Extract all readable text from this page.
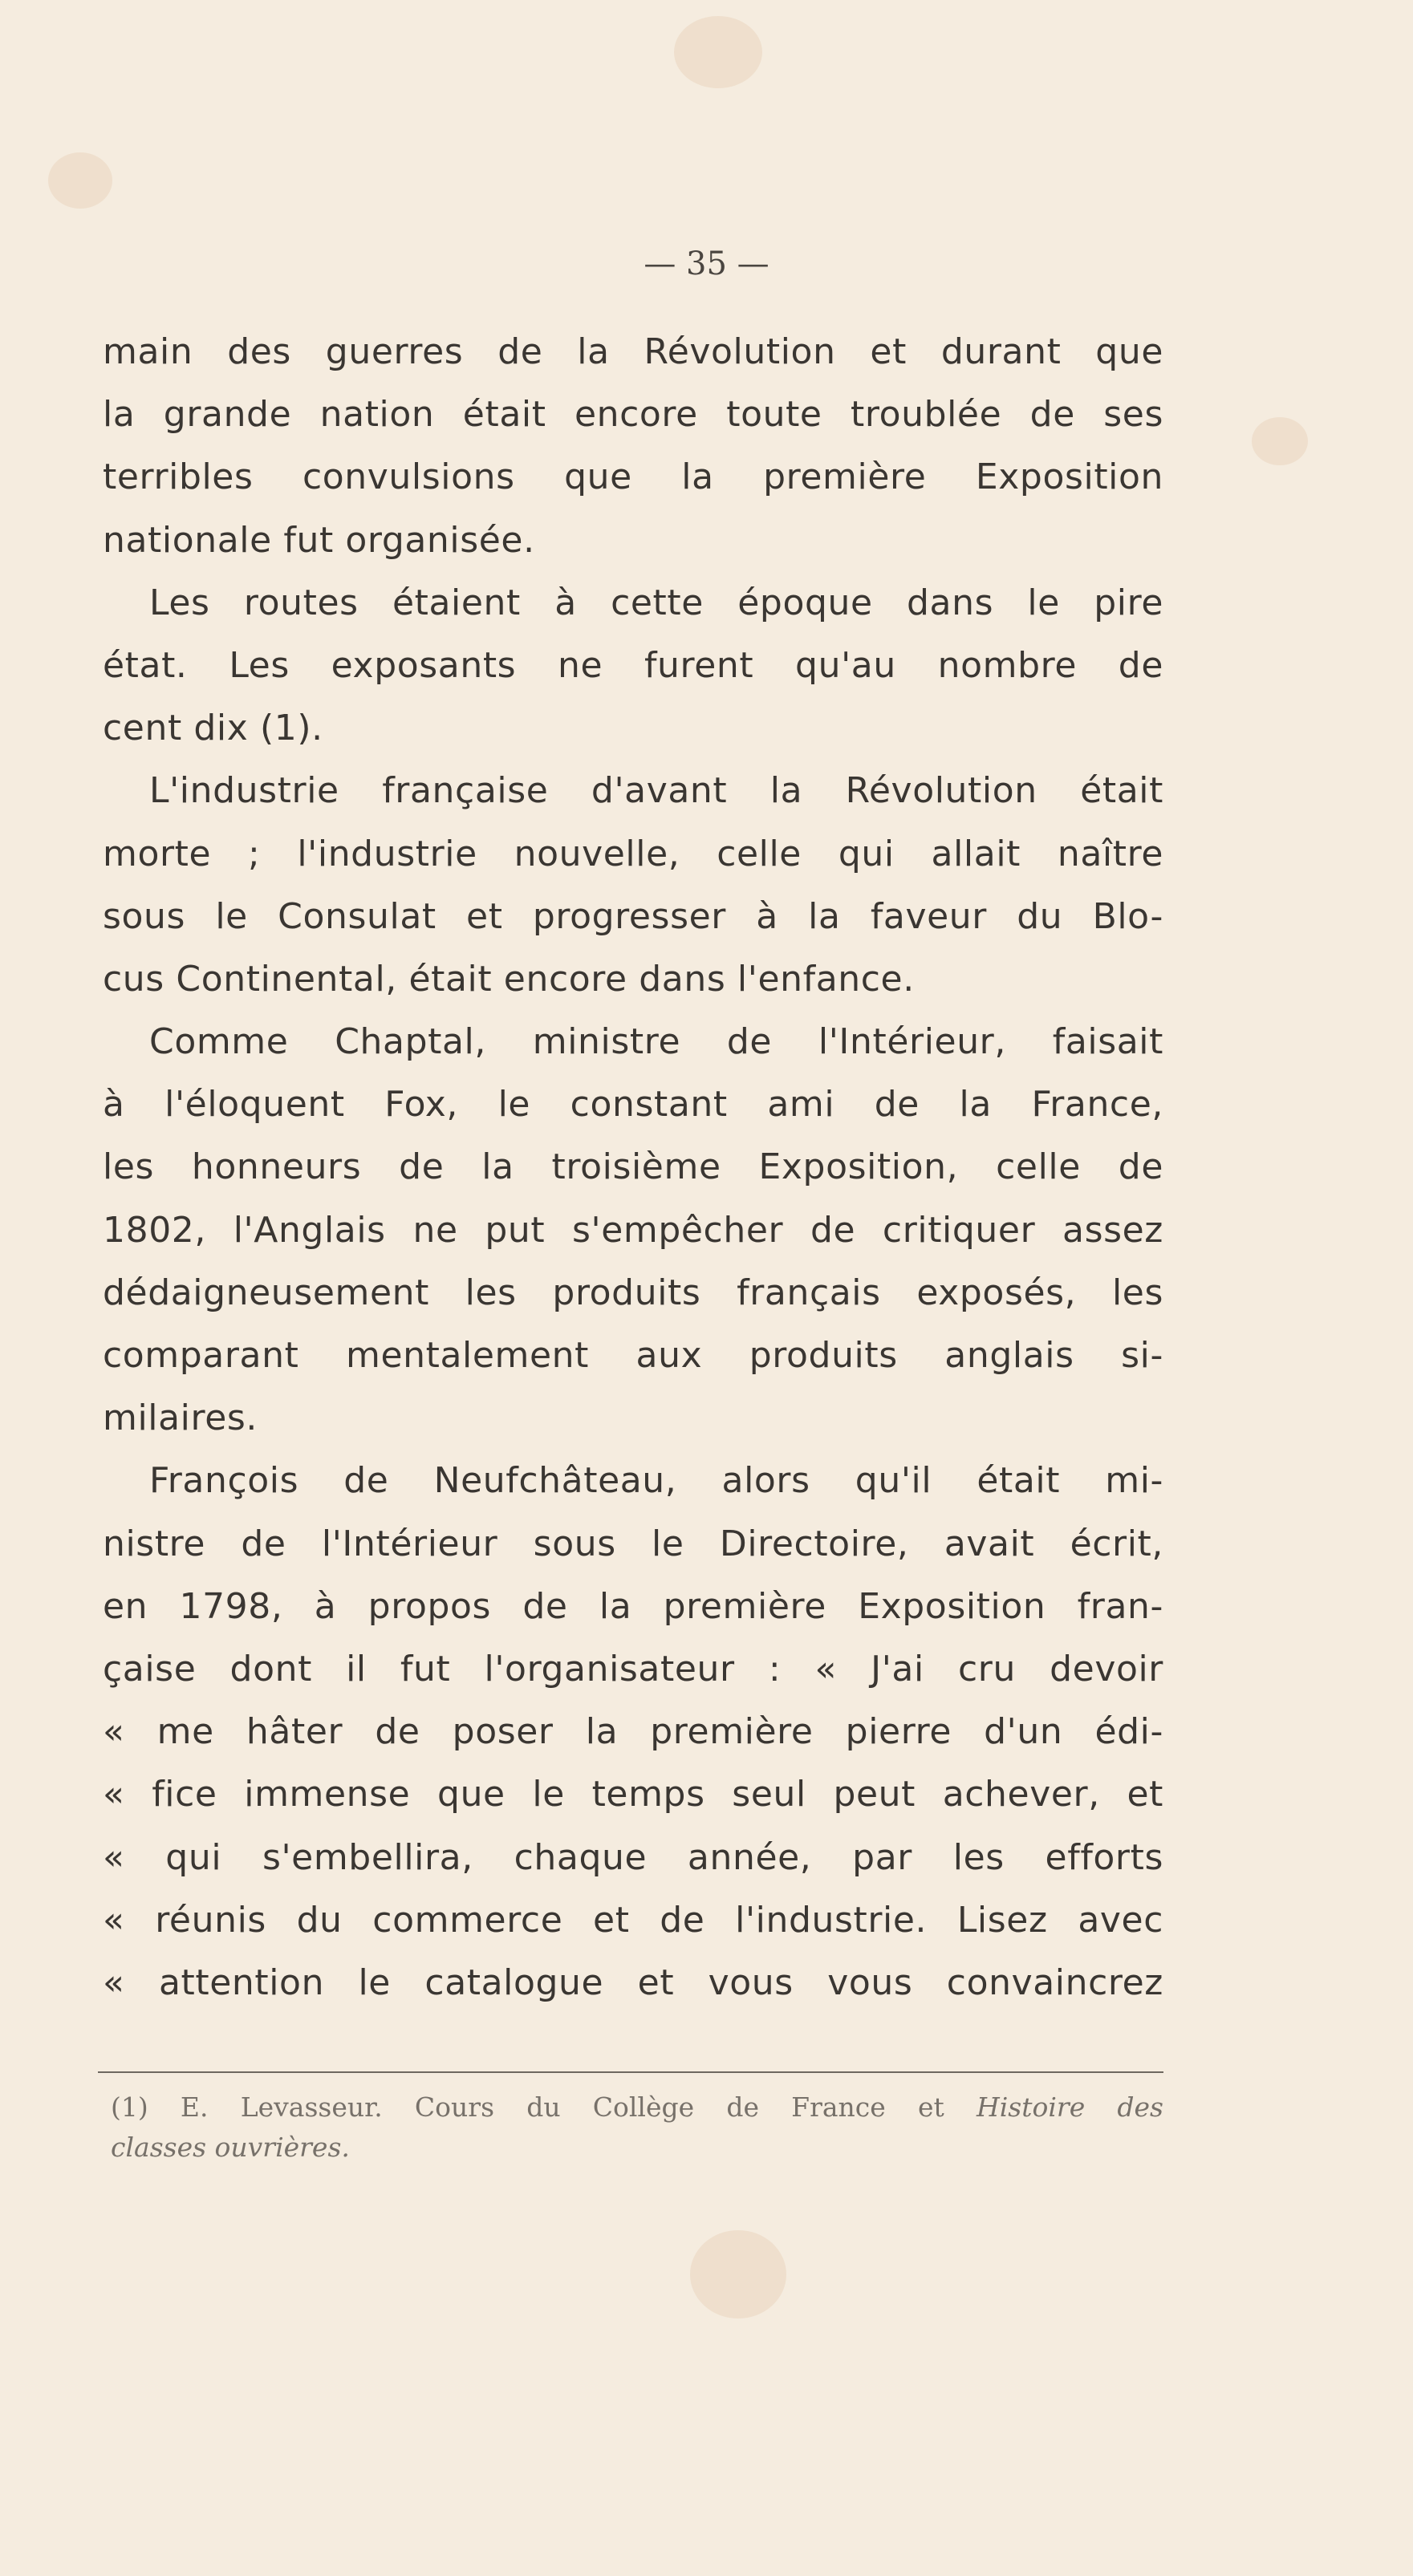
— 35 —
main des guerres de la Révolution et durant que
la grande nation était encore toute troublée de ses
terribles convulsions que la première Exposition
nationale fut organisée.
Les routes étaient à cette époque dans le pire
état. Les exposants ne furent qu'au nombre de
cent dix (1).
L'industrie française d'avant la Révolution était
morte ; l'industrie nouvelle, celle qui allait naître
sous le Consulat et progresser à la faveur du Blo-
cus Continental, était encore dans l'enfance.
Comme Chaptal, ministre de l'Intérieur, faisait
à l'éloquent Fox, le constant ami de la France,
les honneurs de la troisième Exposition, celle de
1802, l'Anglais ne put s'empêcher de critiquer assez
dédaigneusement les produits français exposés, les
comparant mentalement aux produits anglais si-
milaires.
François de Neufchâteau, alors qu'il était mi-
nistre de l'Intérieur sous le Directoire, avait écrit,
en 1798, à propos de la première Exposition fran-
çaise dont il fut l'organisateur : « J'ai cru devoir
« me hâter de poser la première pierre d'un édi-
« fice immense que le temps seul peut achever, et
« qui s'embellira, chaque année, par les efforts
« réunis du commerce et de l'industrie. Lisez avec
« attention le catalogue et vous vous convaincrez
(1) E. Levasseur. Cours du Collège de France et Histoire des
classes ouvrières.
